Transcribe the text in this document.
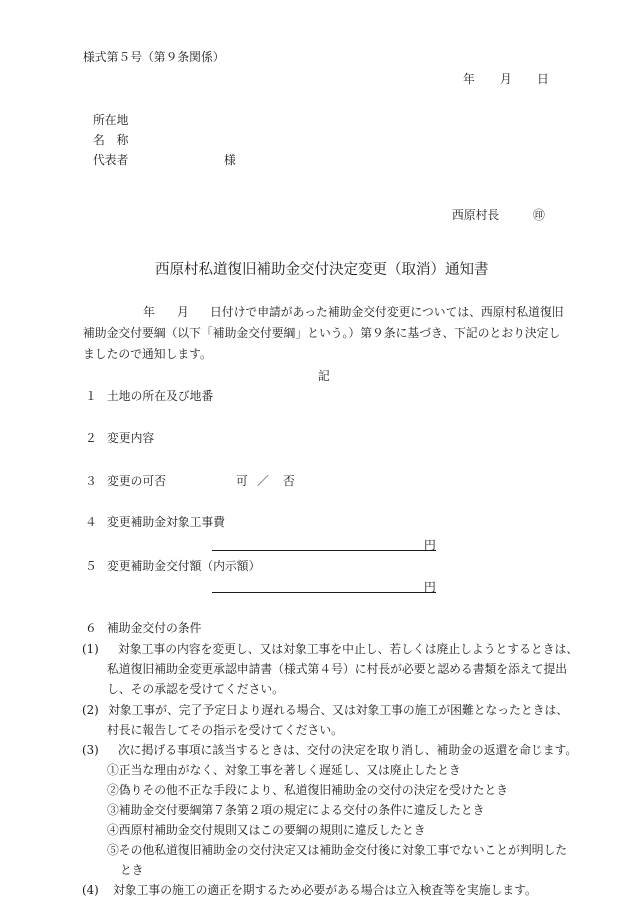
様式第５号（第９条関係）
年 月 日
所在地
名　称
代表者	様
西原村長	㊞
西原村私道復旧補助金交付決定変更（取消）通知書
年 月 日付けで申請があった補助金交付変更については、西原村私道復旧
補助金交付要綱（以下「補助金交付要綱」という。）第９条に基づき、下記のとおり決定し
ましたので通知します。
記
１ 土地の所在及び地番
２ 変更内容
３ 変更の可否	可 ／ 否
４ 変更補助金対象工事費
円
５ 変更補助金交付額（内示額）
円
６ 補助金交付の条件
(1) 対象工事の内容を変更し、又は対象工事を中止し、若しくは廃止しようとするときは、
私道復旧補助金変更承認申請書（様式第４号）に村長が必要と認める書類を添えて提出
し、その承認を受けてください。
(2) 対象工事が、完了予定日より遅れる場合、又は対象工事の施工が困難となったときは、
村長に報告してその指示を受けてください。
(3) 次に掲げる事項に該当するときは、交付の決定を取り消し、補助金の返還を命じます。
①正当な理由がなく、対象工事を著しく遅延し、又は廃止したとき
②偽りその他不正な手段により、私道復旧補助金の交付の決定を受けたとき
③補助金交付要綱第７条第２項の規定による交付の条件に違反したとき
④西原村補助金交付規則又はこの要綱の規則に違反したとき
⑤その他私道復旧補助金の交付決定又は補助金交付後に対象工事でないことが判明した
とき
(4) 対象工事の施工の適正を期するため必要がある場合は立入検査等を実施します。
